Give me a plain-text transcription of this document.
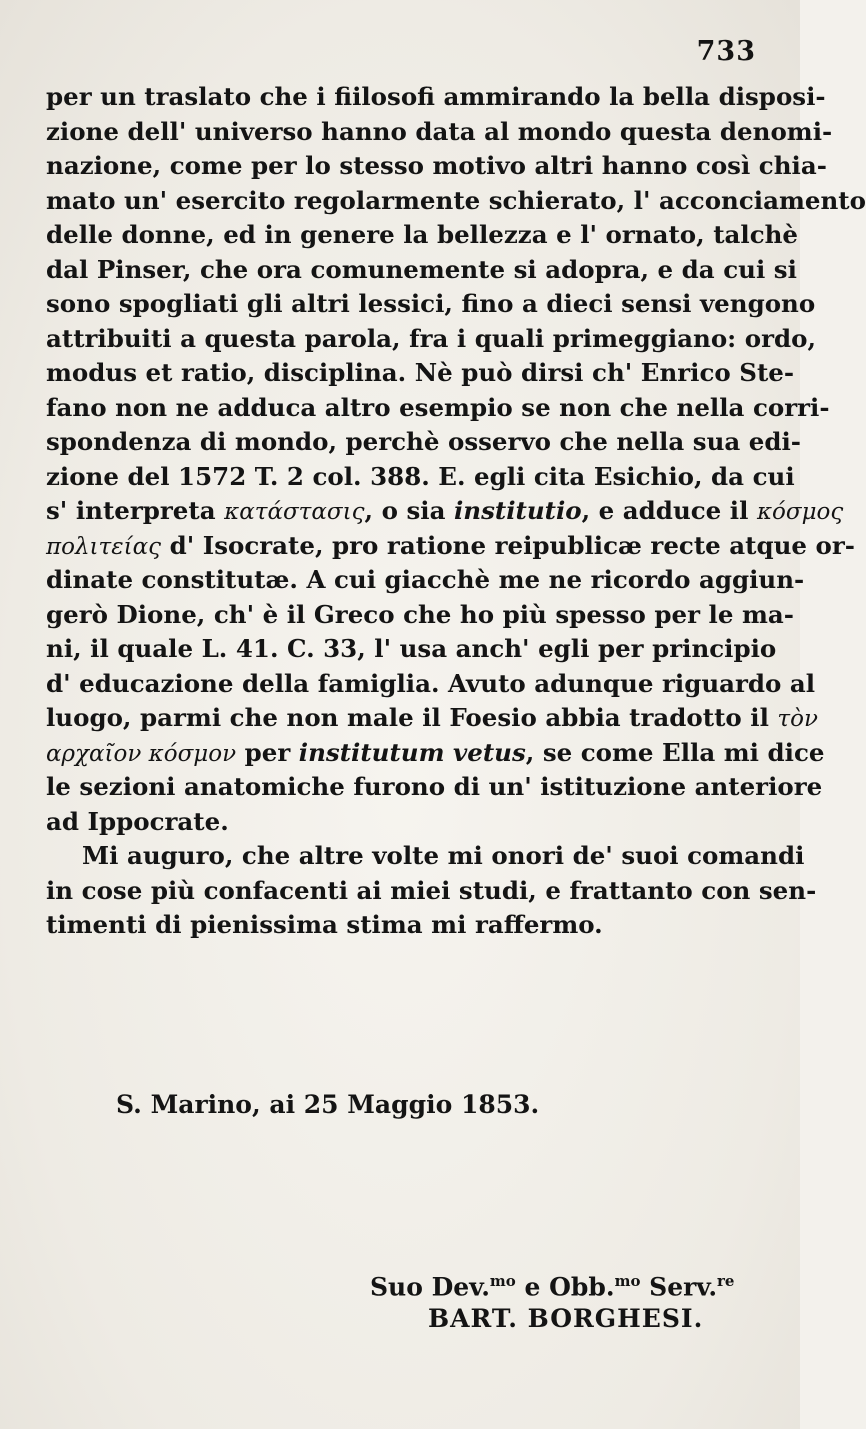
733
per un traslato che i fiilosofi ammirando la bella disposi-
zione dell' universo hanno data al mondo questa denomi-
nazione, come per lo stesso motivo altri hanno così chia-
mato un' esercito regolarmente schierato, l' acconciamento
delle donne, ed in genere la bellezza e l' ornato, talchè
dal Pinser, che ora comunemente si adopra, e da cui si
sono spogliati gli altri lessici, fino a dieci sensi vengono
attribuiti a questa parola, fra i quali primeggiano: ordo,
modus et ratio, disciplina. Nè può dirsi ch' Enrico Ste-
fano non ne adduca altro esempio se non che nella corri-
spondenza di mondo, perchè osservo che nella sua edi-
zione del 1572 T. 2 col. 388. E. egli cita Esichio, da cui
s' interpreta κατάστασις, o sia institutio, e adduce il κόσμος
πολιτείας d' Isocrate, pro ratione reipublicæ recte atque or-
dinate constitutæ. A cui giacchè me ne ricordo aggiun-
gerò Dione, ch' è il Greco che ho più spesso per le ma-
ni, il quale L. 41. C. 33, l' usa anch' egli per principio
d' educazione della famiglia. Avuto adunque riguardo al
luogo, parmi che non male il Foesio abbia tradotto il τὸν
αρχαῖον κόσμον per institutum vetus, se come Ella mi dice
le sezioni anatomiche furono di un' istituzione anteriore
ad Ippocrate.
Mi auguro, che altre volte mi onori de' suoi comandi
in cose più confacenti ai miei studi, e frattanto con sen-
timenti di pienissima stima mi raffermo.
S. Marino, ai 25 Maggio 1853.
Suo Dev.$^{mo}$ e Obb.$^{mo}$ Serv.$^{re}$
BART. BORGHESI.
